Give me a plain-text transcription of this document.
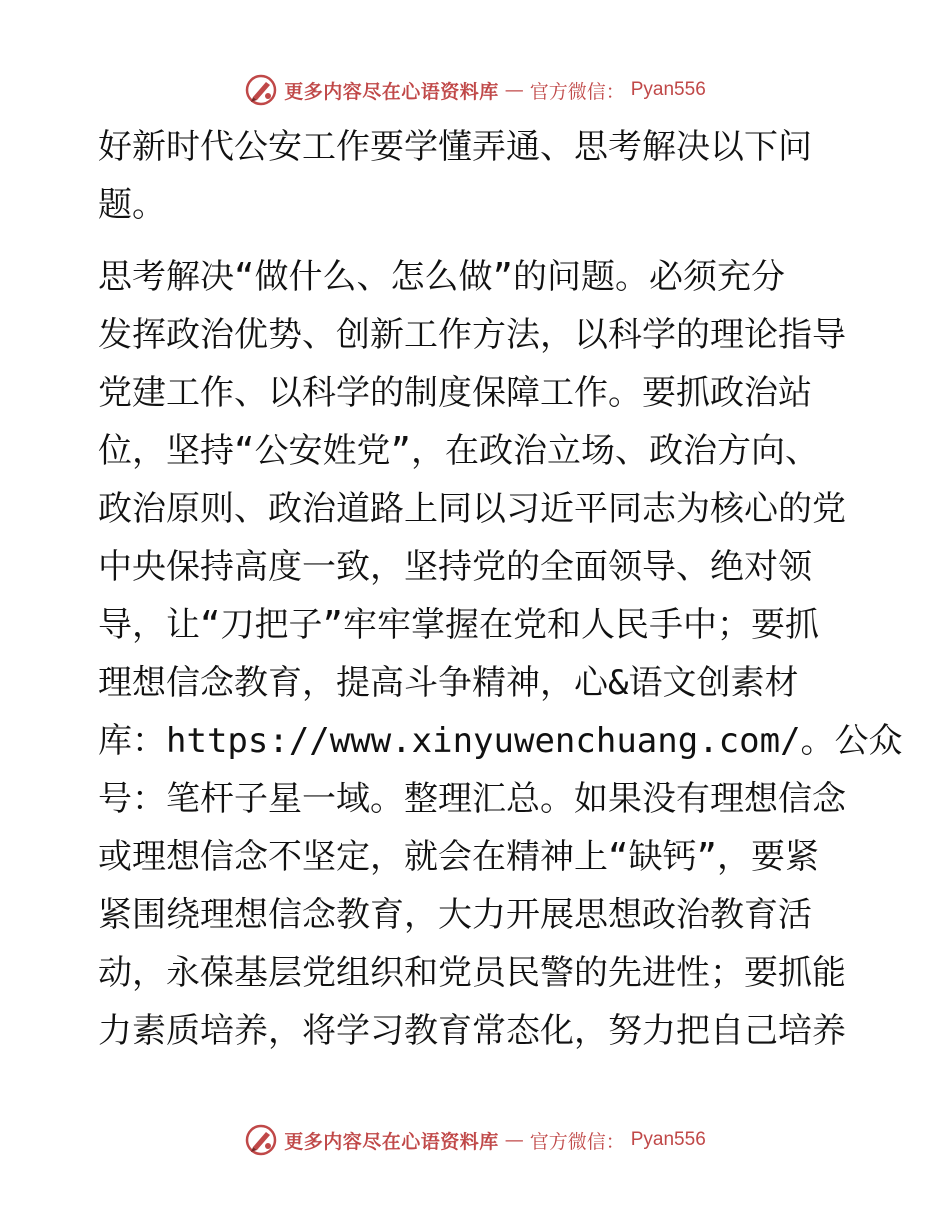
更多内容尽在心语资料库 — 官方微信： Pyan556
好新时代公安工作要学懂弄通、思考解决以下问
题。
思考解决“做什么、怎么做”的问题。必须充分
发挥政治优势、创新工作方法，以科学的理论指导
党建工作、以科学的制度保障工作。要抓政治站
位，坚持“公安姓党”，在政治立场、政治方向、
政治原则、政治道路上同以习近平同志为核心的党
中央保持高度一致，坚持党的全面领导、绝对领
导，让“刀把子”牢牢掌握在党和人民手中；要抓
理想信念教育，提高斗争精神，心&语文创素材
库：https://www.xinyuwenchuang.com/。公众
号：笔杆子星一域。整理汇总。如果没有理想信念
或理想信念不坚定，就会在精神上“缺钙”，要紧
紧围绕理想信念教育，大力开展思想政治教育活
动，永葆基层党组织和党员民警的先进性；要抓能
力素质培养，将学习教育常态化，努力把自己培养
更多内容尽在心语资料库 — 官方微信： Pyan556
